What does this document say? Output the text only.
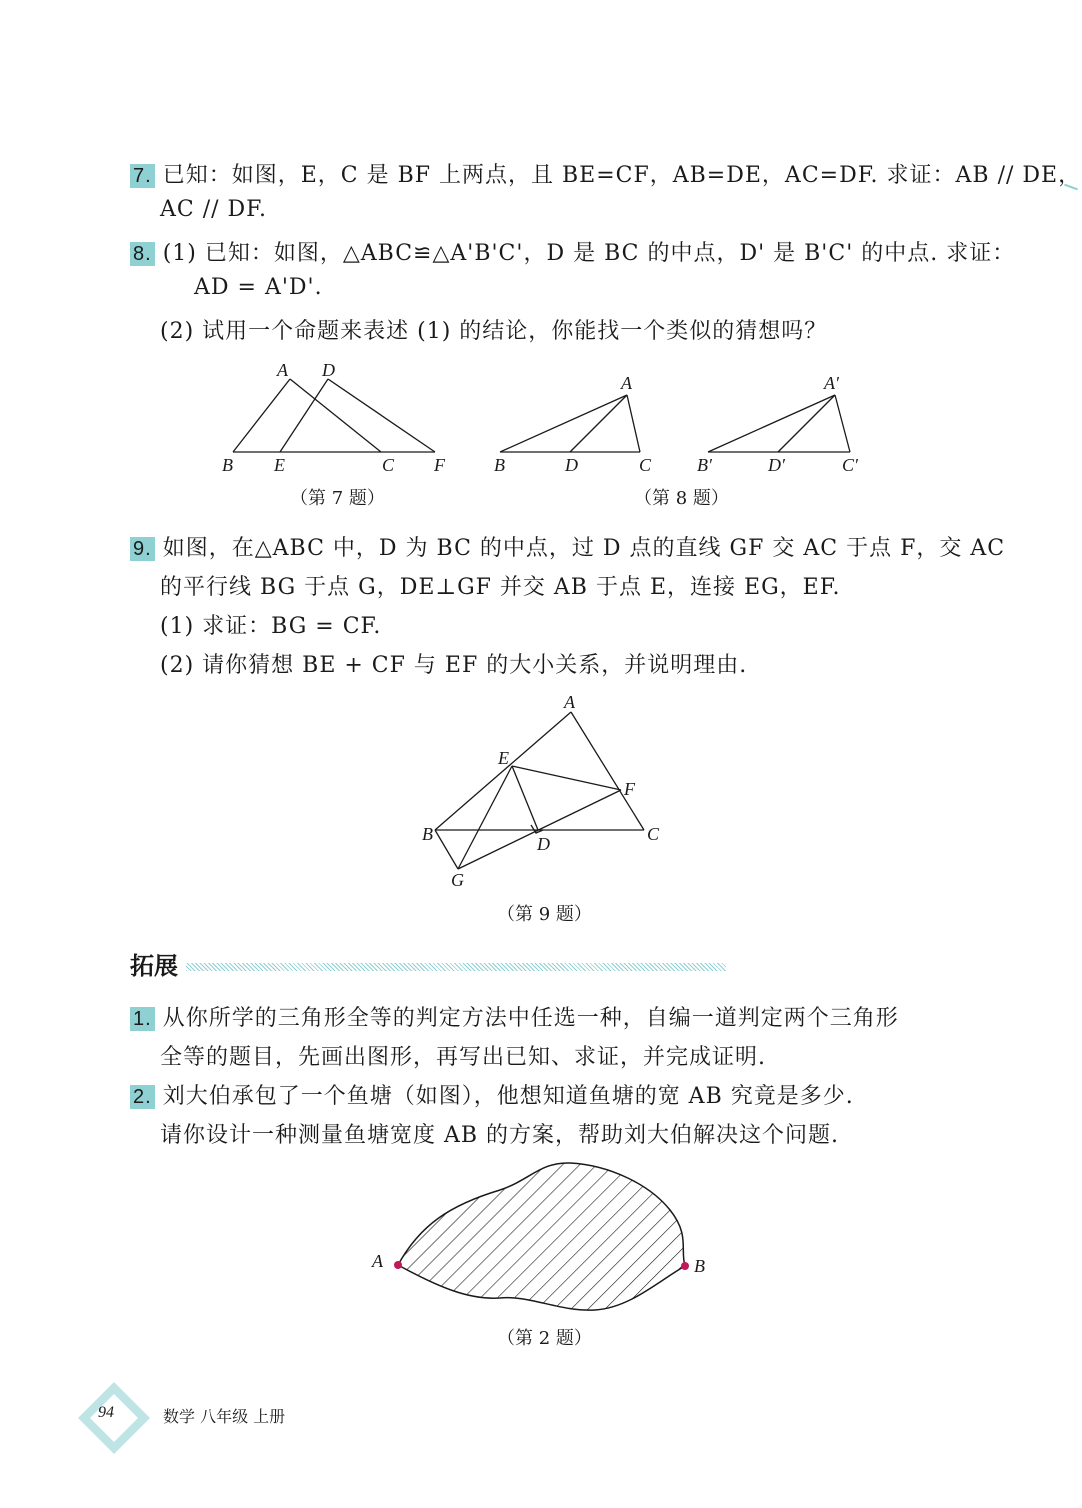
7. 已知：如图，E，C 是 BF 上两点，且 BE=CF，AB=DE，AC=DF. 求证：AB // DE，
AC // DF.
8. (1) 已知：如图，△ABC≌△A'B'C'，D 是 BC 的中点，D' 是 B'C' 的中点. 求证：
AD = A'D'.
(2) 试用一个命题来表述 (1) 的结论，你能找一个类似的猜想吗？
A D
B E	C F
A
B	D	C
A′
B′	D′	C′
（第 7 题）	（第 8 题）
9. 如图，在△ABC 中，D 为 BC 的中点，过 D 点的直线 GF 交 AC 于点 F，交 AC
的平行线 BG 于点 G，DE⊥GF 并交 AB 于点 E，连接 EG，EF.
(1) 求证：BG = CF.
(2) 请你猜想 BE + CF 与 EF 的大小关系，并说明理由.
A
E
F
B	D	C
G
（第 9 题）
拓展
1. 从你所学的三角形全等的判定方法中任选一种，自编一道判定两个三角形
全等的题目，先画出图形，再写出已知、求证，并完成证明.
2. 刘大伯承包了一个鱼塘（如图），他想知道鱼塘的宽 AB 究竟是多少.
请你设计一种测量鱼塘宽度 AB 的方案，帮助刘大伯解决这个问题.
A	B
（第 2 题）
94	数学 八年级 上册
